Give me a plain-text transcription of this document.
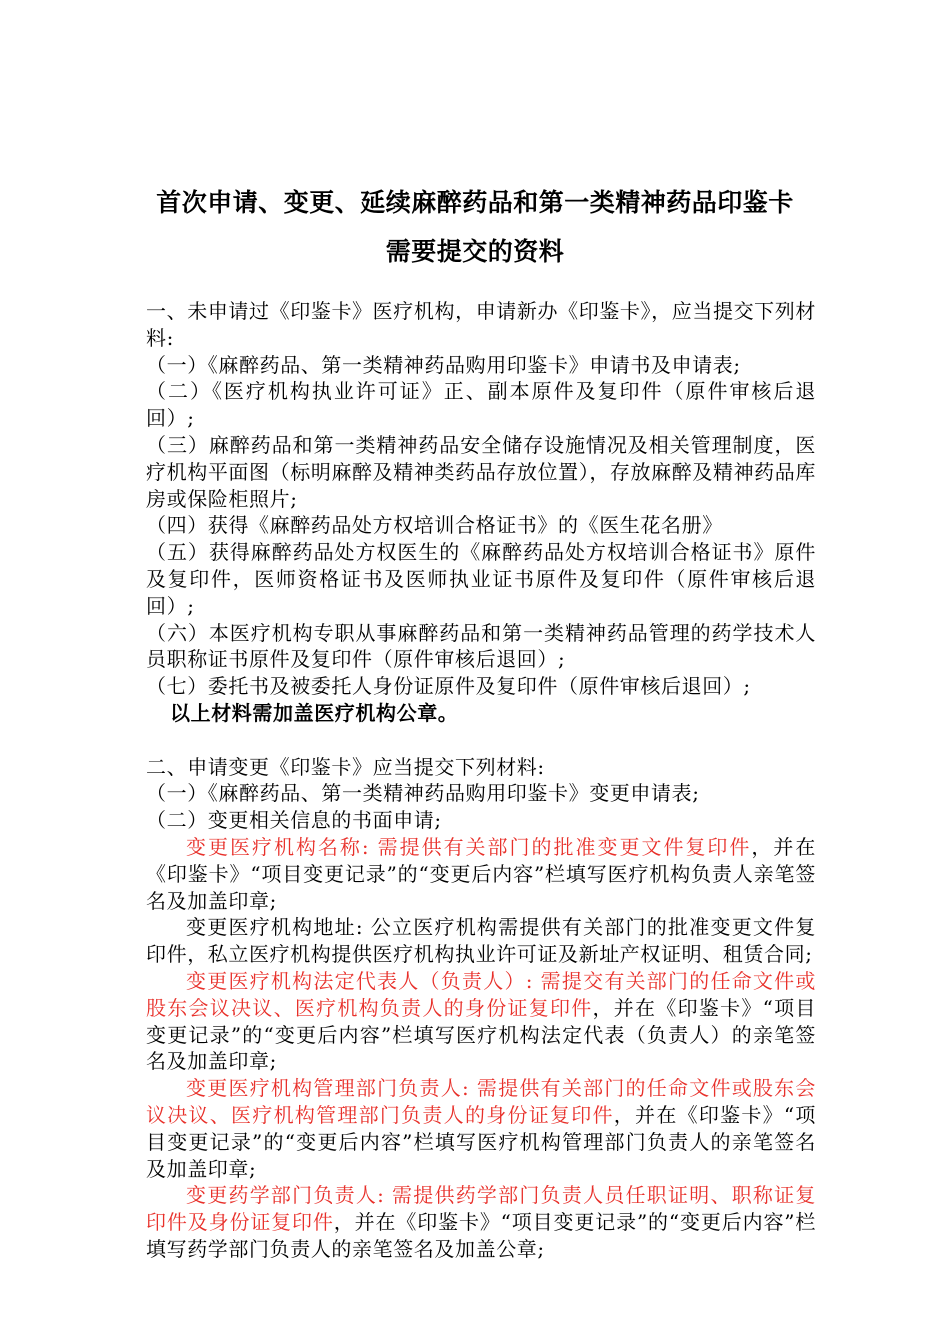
首次申请、变更、延续麻醉药品和第一类精神药品印鉴卡
需要提交的资料

一、未申请过《印鉴卡》医疗机构，申请新办《印鉴卡》，应当提交下列材料:

（一）《麻醉药品、第一类精神药品购用印鉴卡》申请书及申请表;

（二）《医疗机构执业许可证》正、副本原件及复印件（原件审核后退回）;

（三）麻醉药品和第一类精神药品安全储存设施情况及相关管理制度，医疗机构平面图（标明麻醉及精神类药品存放位置），存放麻醉及精神药品库房或保险柜照片;

（四）获得《麻醉药品处方权培训合格证书》的《医生花名册》

（五）获得麻醉药品处方权医生的《麻醉药品处方权培训合格证书》原件及复印件，医师资格证书及医师执业证书原件及复印件（原件审核后退回）;

（六）本医疗机构专职从事麻醉药品和第一类精神药品管理的药学技术人员职称证书原件及复印件（原件审核后退回）;

（七）委托书及被委托人身份证原件及复印件（原件审核后退回）;

以上材料需加盖医疗机构公章。

二、申请变更《印鉴卡》应当提交下列材料:

（一）《麻醉药品、第一类精神药品购用印鉴卡》变更申请表;

（二）变更相关信息的书面申请;

变更医疗机构名称: 需提供有关部门的批准变更文件复印件，并在《印鉴卡》“项目变更记录”的“变更后内容”栏填写医疗机构负责人亲笔签名及加盖印章;

变更医疗机构地址: 公立医疗机构需提供有关部门的批准变更文件复印件，私立医疗机构提供医疗机构执业许可证及新址产权证明、租赁合同;

变更医疗机构法定代表人（负责人）: 需提交有关部门的任命文件或股东会议决议、医疗机构负责人的身份证复印件，并在《印鉴卡》“项目变更记录”的“变更后内容”栏填写医疗机构法定代表（负责人）的亲笔签名及加盖印章;

变更医疗机构管理部门负责人: 需提供有关部门的任命文件或股东会议决议、医疗机构管理部门负责人的身份证复印件，并在《印鉴卡》“项目变更记录”的“变更后内容”栏填写医疗机构管理部门负责人的亲笔签名及加盖印章;

变更药学部门负责人: 需提供药学部门负责人员任职证明、职称证复印件及身份证复印件，并在《印鉴卡》“项目变更记录”的“变更后内容”栏填写药学部门负责人的亲笔签名及加盖公章;
